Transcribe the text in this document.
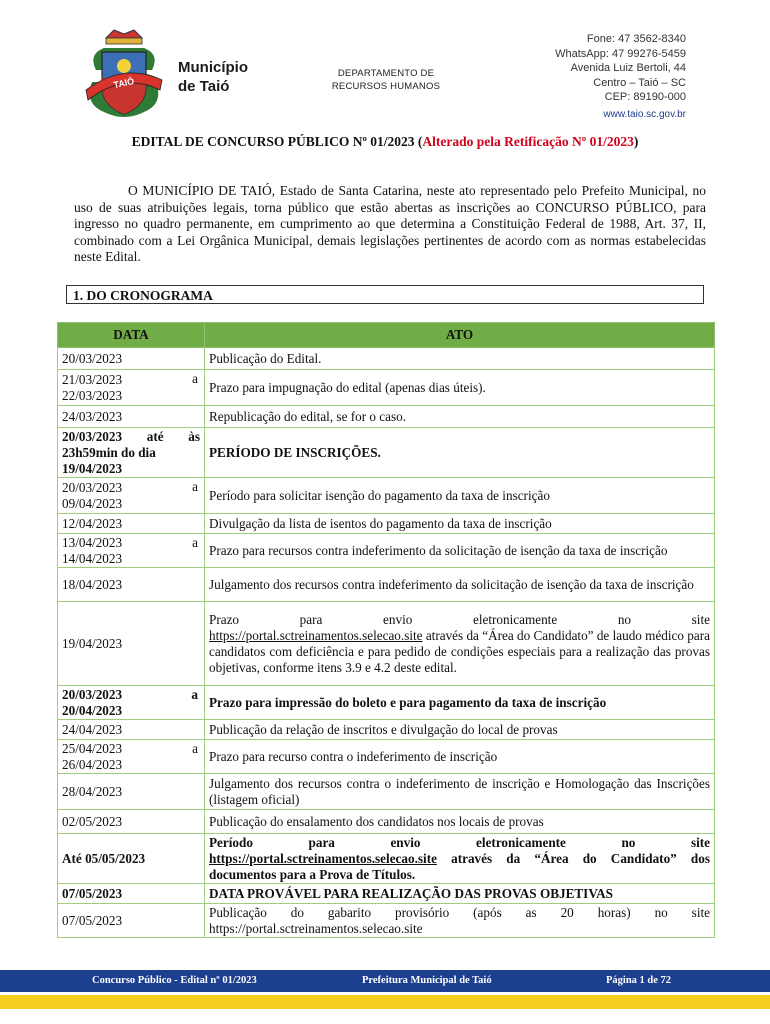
TAIÓ
Município
de Taió
DEPARTAMENTO DE
RECURSOS HUMANOS
Fone: 47 3562-8340
WhatsApp: 47 99276-5459
Avenida Luiz Bertoli, 44
Centro – Taió – SC
CEP: 89190-000
www.taio.sc.gov.br
EDITAL DE CONCURSO PÚBLICO Nº 01/2023 (Alterado pela Retificação Nº 01/2023)

O MUNICÍPIO DE TAIÓ, Estado de Santa Catarina, neste ato representado pelo Prefeito Municipal, no uso de suas atribuições legais, torna público que estão abertas as inscrições ao CONCURSO PÚBLICO, para ingresso no quadro permanente, em cumprimento ao que determina a Constituição Federal de 1988, Art. 37, II, combinado com a Lei Orgânica Municipal, demais legislações pertinentes de acordo com as normas estabelecidas neste Edital.

1. DO CRONOGRAMA
DATA	ATO
20/03/2023	Publicação do Edital.

21/03/2023 a
22/03/2023	Prazo para impugnação do edital (apenas dias úteis).
24/03/2023	Republicação do edital, se for o caso.

20/03/2023 até às
23h59min do dia
19/04/2023	PERÍODO DE INSCRIÇÕES.

20/03/2023 a
09/04/2023	Período para solicitar isenção do pagamento da taxa de inscrição
12/04/2023	Divulgação da lista de isentos do pagamento da taxa de inscrição

13/04/2023 a
14/04/2023	Prazo para recursos contra indeferimento da solicitação de isenção da taxa de inscrição
18/04/2023	Julgamento dos recursos contra indeferimento da solicitação de isenção da taxa de inscrição
19/04/2023	Prazo para envio eletronicamente no site
https://portal.sctreinamentos.selecao.site através da “Área do Candidato” de laudo médico para candidatos com deficiência e para pedido de condições especiais para a realização das provas objetivas, conforme itens 3.9 e 4.2 deste edital.

20/03/2023 a
20/04/2023	Prazo para impressão do boleto e para pagamento da taxa de inscrição
24/04/2023	Publicação da relação de inscritos e divulgação do local de provas

25/04/2023 a
26/04/2023	Prazo para recurso contra o indeferimento de inscrição
28/04/2023	Julgamento dos recursos contra o indeferimento de inscrição e Homologação das Inscrições (listagem oficial)
02/05/2023	Publicação do ensalamento dos candidatos nos locais de provas
Até 05/05/2023	Período para envio eletronicamente no site
https://portal.sctreinamentos.selecao.site através da “Área do Candidato” dos documentos para a Prova de Títulos.
07/05/2023	DATA PROVÁVEL PARA REALIZAÇÃO DAS PROVAS OBJETIVAS
07/05/2023	Publicação do gabarito provisório (após as 20 horas) no site
https://portal.sctreinamentos.selecao.site
Concurso Público - Edital nº 01/2023	Prefeitura Municipal de Taió	Página 1 de 72
